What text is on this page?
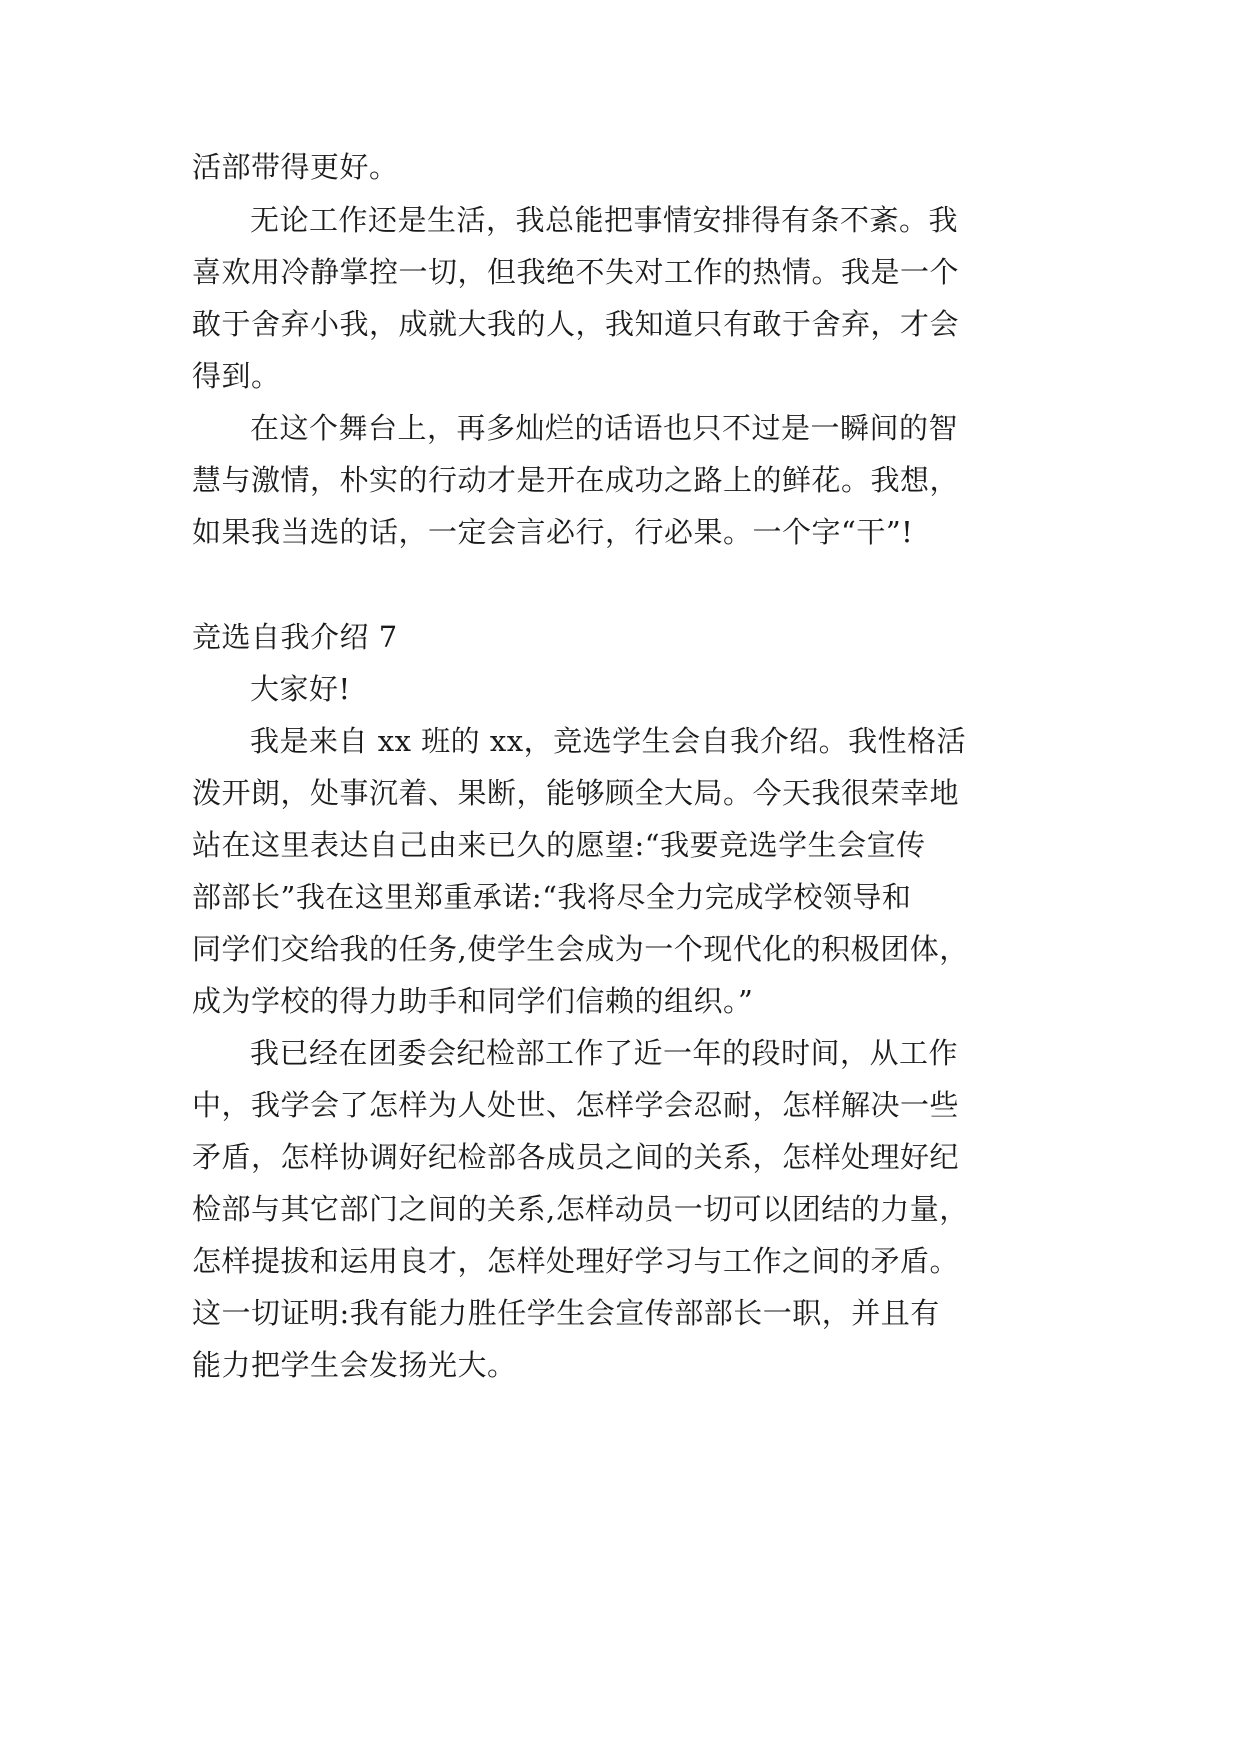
活部带得更好。
无论工作还是生活，我总能把事情安排得有条不紊。我
喜欢用冷静掌控一切，但我绝不失对工作的热情。我是一个
敢于舍弃小我，成就大我的人，我知道只有敢于舍弃，才会
得到。
在这个舞台上，再多灿烂的话语也只不过是一瞬间的智
慧与激情，朴实的行动才是开在成功之路上的鲜花。我想，
如果我当选的话，一定会言必行，行必果。一个字“干”!
竞选自我介绍 7
大家好!
我是来自 xx 班的 xx，竞选学生会自我介绍。我性格活
泼开朗，处事沉着、果断，能够顾全大局。今天我很荣幸地
站在这里表达自己由来已久的愿望:“我要竞选学生会宣传
部部长”我在这里郑重承诺:“我将尽全力完成学校领导和
同学们交给我的任务,使学生会成为一个现代化的积极团体，
成为学校的得力助手和同学们信赖的组织。”
我已经在团委会纪检部工作了近一年的段时间，从工作
中，我学会了怎样为人处世、怎样学会忍耐，怎样解决一些
矛盾，怎样协调好纪检部各成员之间的关系，怎样处理好纪
检部与其它部门之间的关系,怎样动员一切可以团结的力量，
怎样提拔和运用良才，怎样处理好学习与工作之间的矛盾。
这一切证明:我有能力胜任学生会宣传部部长一职，并且有
能力把学生会发扬光大。
